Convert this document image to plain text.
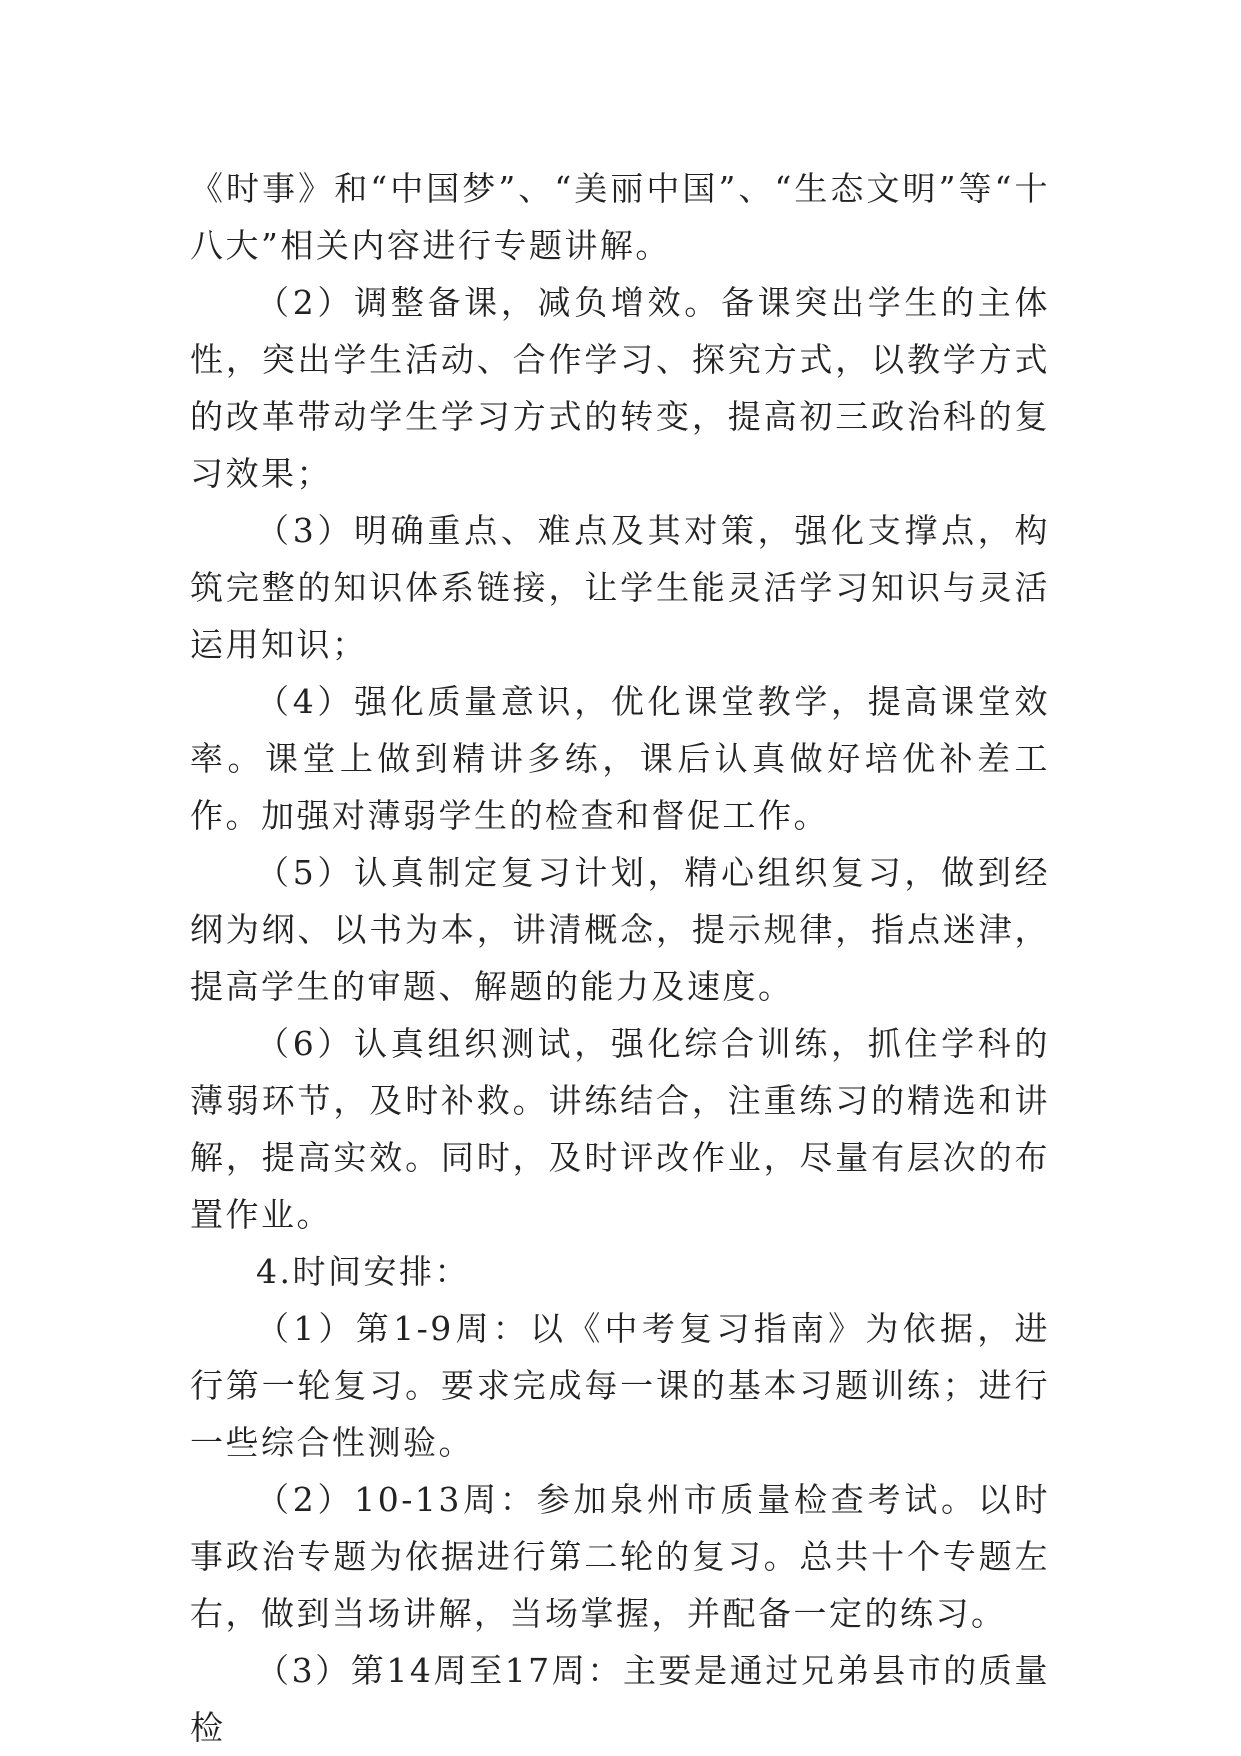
《时事》和“中国梦”、“美丽中国”、“生态文明”等“十八大”相关内容进行专题讲解。

（2）调整备课，减负增效。备课突出学生的主体性，突出学生活动、合作学习、探究方式，以教学方式的改革带动学生学习方式的转变，提高初三政治科的复习效果；

（3）明确重点、难点及其对策，强化支撑点，构筑完整的知识体系链接，让学生能灵活学习知识与灵活运用知识；

（4）强化质量意识，优化课堂教学，提高课堂效率。课堂上做到精讲多练，课后认真做好培优补差工作。加强对薄弱学生的检查和督促工作。

（5）认真制定复习计划，精心组织复习，做到经纲为纲、以书为本，讲清概念，提示规律，指点迷津，提高学生的审题、解题的能力及速度。

（6）认真组织测试，强化综合训练，抓住学科的薄弱环节，及时补救。讲练结合，注重练习的精选和讲解，提高实效。同时，及时评改作业，尽量有层次的布置作业。

4.时间安排：

（1）第1-9周：以《中考复习指南》为依据，进行第一轮复习。要求完成每一课的基本习题训练；进行一些综合性测验。

（2）10-13周：参加泉州市质量检查考试。以时事政治专题为依据进行第二轮的复习。总共十个专题左右，做到当场讲解，当场掌握，并配备一定的练习。

（3）第14周至17周：主要是通过兄弟县市的质量检
